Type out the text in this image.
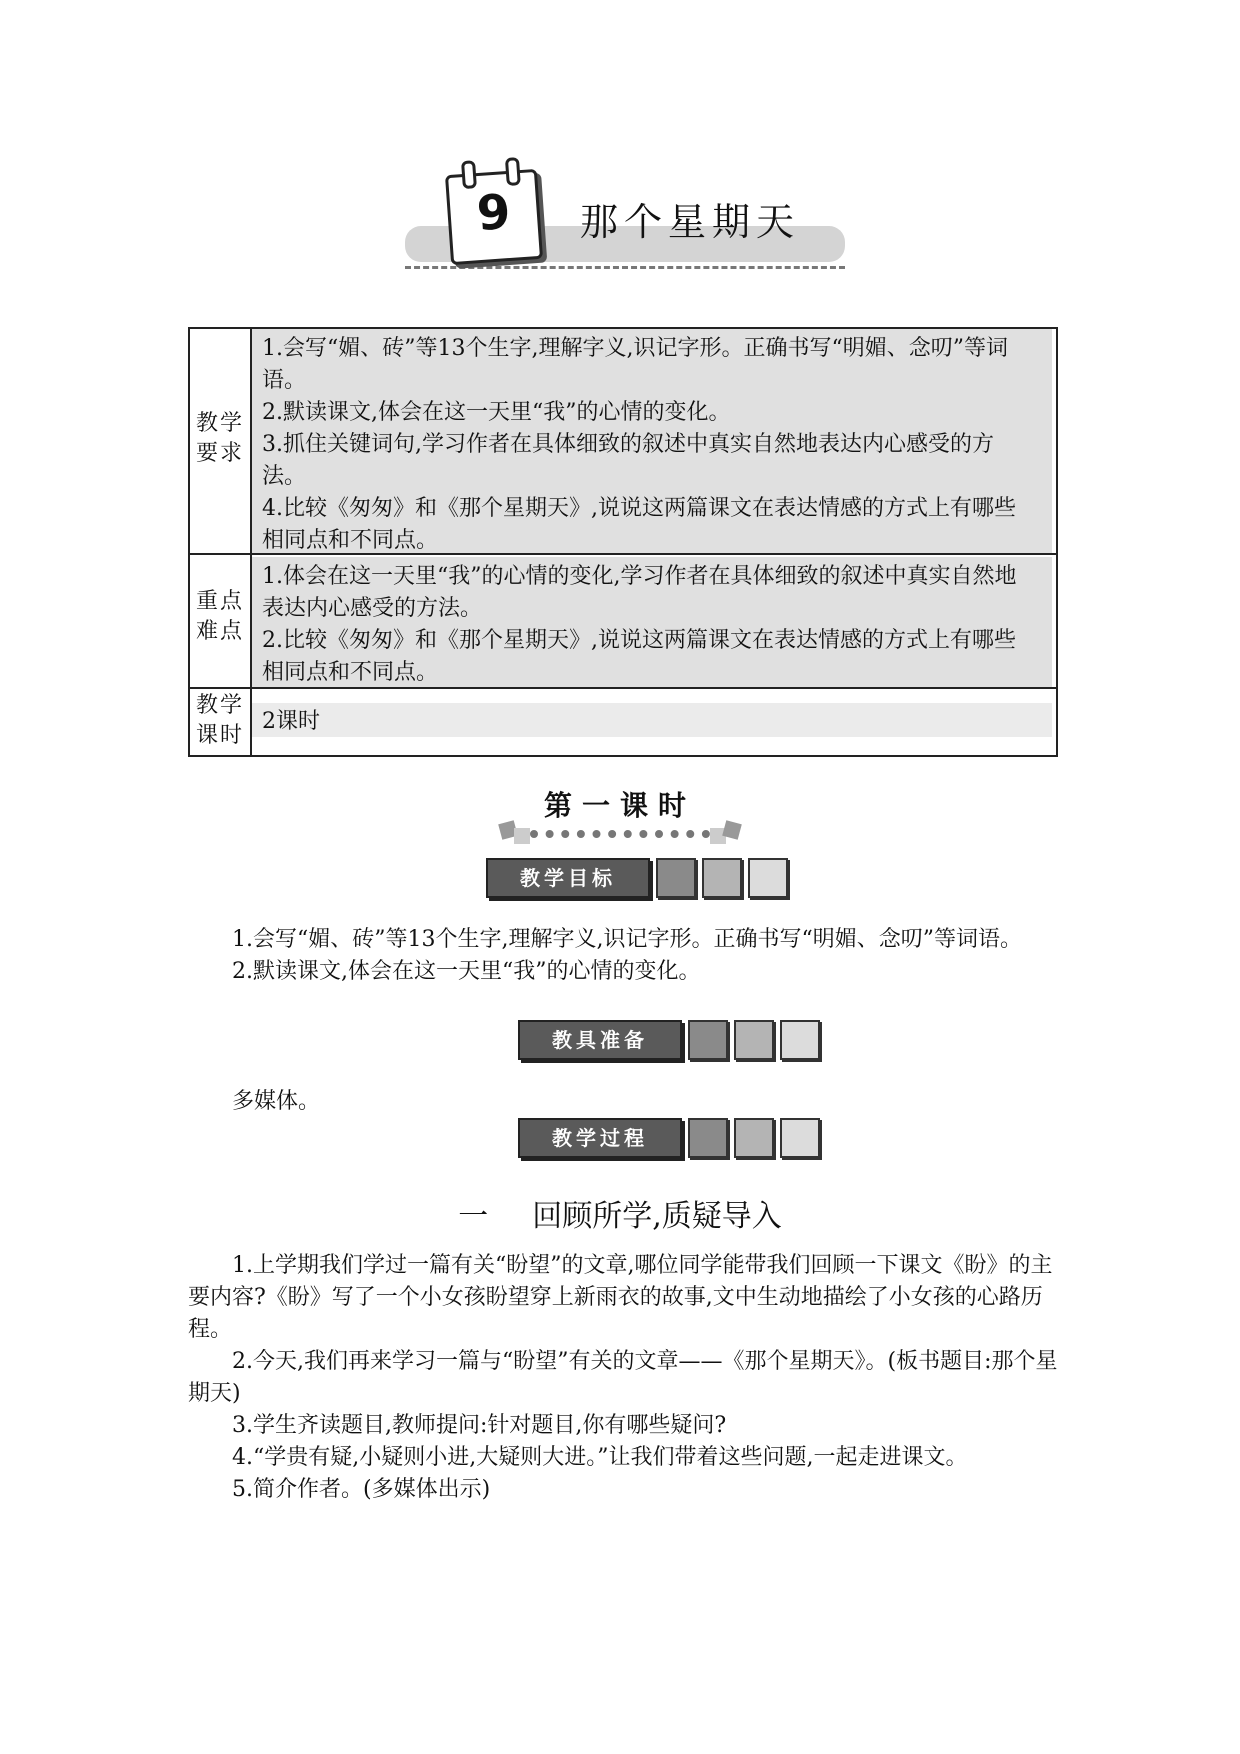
9	那个星期天
教学
要求

1.会写“媚、砖”等13个生字,理解字义,识记字形。正确书写“明媚、念叨”等词语。

2.默读课文,体会在这一天里“我”的心情的变化。

3.抓住关键词句,学习作者在具体细致的叙述中真实自然地表达内心感受的方法。

4.比较《匆匆》和《那个星期天》,说说这两篇课文在表达情感的方式上有哪些相同点和不同点。

重点
难点

1.体会在这一天里“我”的心情的变化,学习作者在具体细致的叙述中真实自然地表达内心感受的方法。

2.比较《匆匆》和《那个星期天》,说说这两篇课文在表达情感的方式上有哪些相同点和不同点。

教学
课时
2课时
第一课时
教学目标

1.会写“媚、砖”等13个生字,理解字义,识记字形。正确书写“明媚、念叨”等词语。

2.默读课文,体会在这一天里“我”的心情的变化。

教具准备

多媒体。

教学过程
一 回顾所学,质疑导入

1.上学期我们学过一篇有关“盼望”的文章,哪位同学能带我们回顾一下课文《盼》的主要内容?《盼》写了一个小女孩盼望穿上新雨衣的故事,文中生动地描绘了小女孩的心路历程。

2.今天,我们再来学习一篇与“盼望”有关的文章——《那个星期天》。(板书题目:那个星期天)

3.学生齐读题目,教师提问:针对题目,你有哪些疑问?

4.“学贵有疑,小疑则小进,大疑则大进。”让我们带着这些问题,一起走进课文。

5.简介作者。(多媒体出示)
